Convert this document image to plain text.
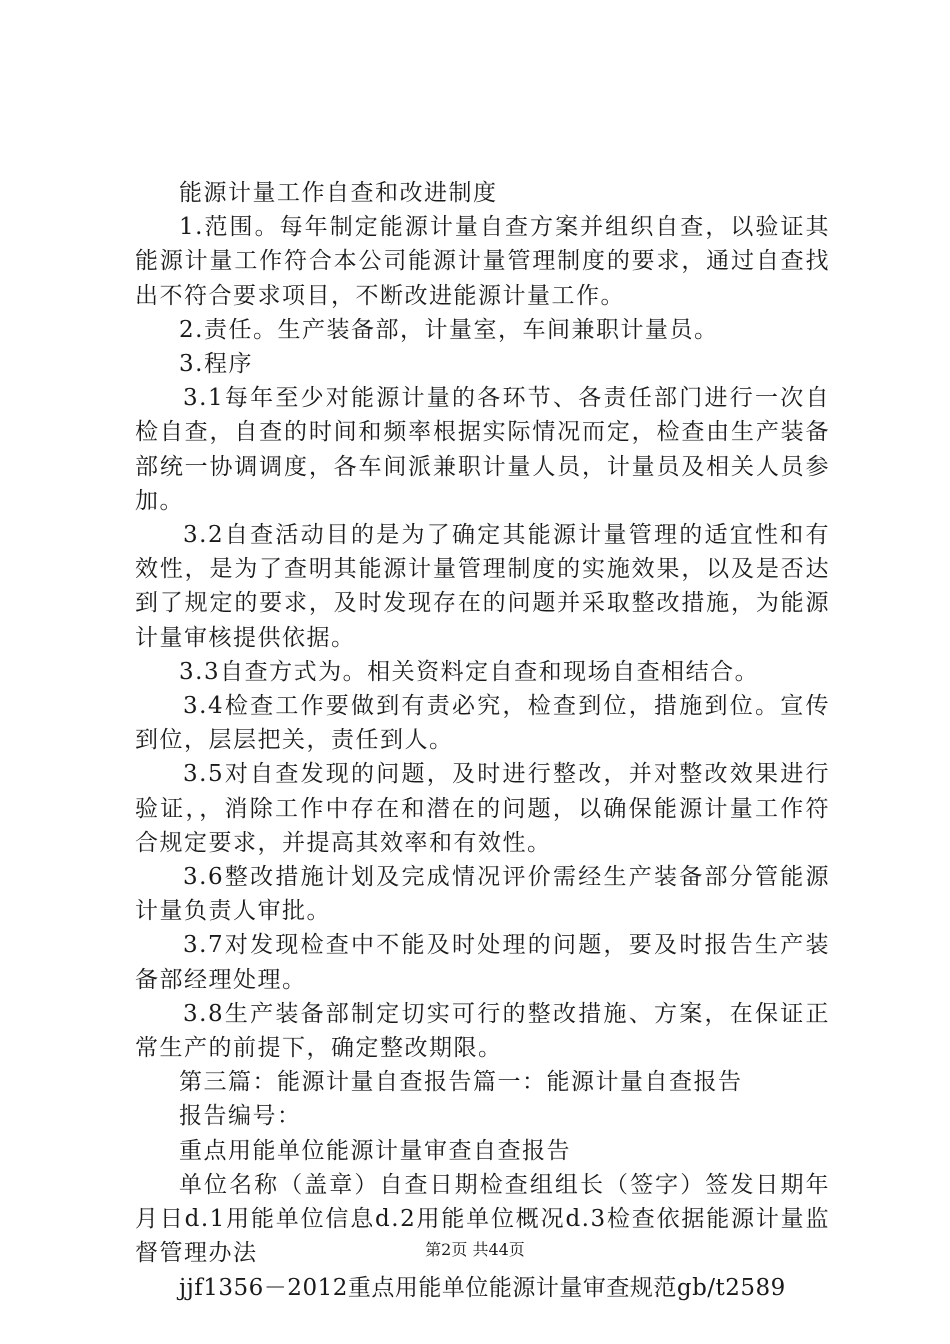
能源计量工作自查和改进制度

1.范围。每年制定能源计量自查方案并组织自查，以验证其能源计量工作符合本公司能源计量管理制度的要求，通过自查找出不符合要求项目，不断改进能源计量工作。

2.责任。生产装备部，计量室，车间兼职计量员。

3.程序

3.1每年至少对能源计量的各环节、各责任部门进行一次自检自查，自查的时间和频率根据实际情况而定，检查由生产装备部统一协调调度，各车间派兼职计量人员，计量员及相关人员参加。

3.2自查活动目的是为了确定其能源计量管理的适宜性和有效性，是为了查明其能源计量管理制度的实施效果，以及是否达到了规定的要求，及时发现存在的问题并采取整改措施，为能源计量审核提供依据。

3.3自查方式为。相关资料定自查和现场自查相结合。

3.4检查工作要做到有责必究，检查到位，措施到位。宣传到位，层层把关，责任到人。

3.5对自查发现的问题，及时进行整改，并对整改效果进行验证，，消除工作中存在和潜在的问题，以确保能源计量工作符合规定要求，并提高其效率和有效性。

3.6整改措施计划及完成情况评价需经生产装备部分管能源计量负责人审批。

3.7对发现检查中不能及时处理的问题，要及时报告生产装备部经理处理。

3.8生产装备部制定切实可行的整改措施、方案，在保证正常生产的前提下，确定整改期限。

第三篇：能源计量自查报告篇一：能源计量自查报告

报告编号：

重点用能单位能源计量审查自查报告

单位名称（盖章）自查日期检查组组长（签字）签发日期年月日d.1用能单位信息d.2用能单位概况d.3检查依据能源计量监督管理办法

jjf1356－2012重点用能单位能源计量审查规范gb/t2589

第2页 共44页
